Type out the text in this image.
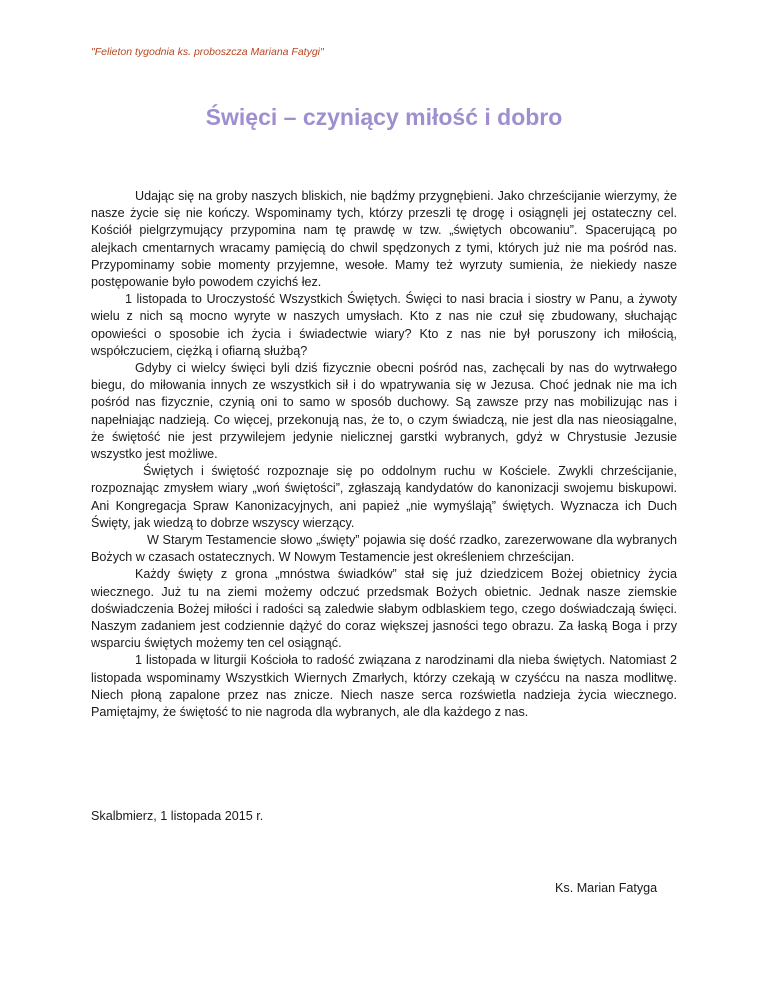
"Felieton tygodnia ks. proboszcza Mariana Fatygi"

Święci – czyniący miłość i dobro

Udając się na groby naszych bliskich, nie bądźmy przygnębieni. Jako chrześcijanie wierzymy, że nasze życie się nie kończy. Wspominamy tych, którzy przeszli tę drogę i osiągnęli jej ostateczny cel. Kościół pielgrzymujący przypomina nam tę prawdę w tzw. „świętych obcowaniu”. Spacerującą po alejkach cmentarnych wracamy pamięcią do chwil spędzonych z tymi, których już nie ma pośród nas. Przypominamy sobie momenty przyjemne, wesołe. Mamy też wyrzuty sumienia, że niekiedy nasze postępowanie było powodem czyichś łez.

1 listopada to Uroczystość Wszystkich Świętych. Święci to nasi bracia i siostry w Panu, a żywoty wielu z nich są mocno wyryte w naszych umysłach. Kto z nas nie czuł się zbudowany, słuchając opowieści o sposobie ich życia i świadectwie wiary? Kto z nas nie był poruszony ich miłością, współczuciem, ciężką i ofiarną służbą?

Gdyby ci wielcy święci byli dziś fizycznie obecni pośród nas, zachęcali by nas do wytrwałego biegu, do miłowania innych ze wszystkich sił i do wpatrywania się w Jezusa. Choć jednak nie ma ich pośród nas fizycznie, czynią oni to samo w sposób duchowy. Są zawsze przy nas mobilizując nas i napełniając nadzieją. Co więcej, przekonują nas, że to, o czym świadczą, nie jest dla nas nieosiągalne, że świętość nie jest przywilejem jedynie nielicznej garstki wybranych, gdyż w Chrystusie Jezusie wszystko jest możliwe.

Świętych i świętość rozpoznaje się po oddolnym ruchu w Kościele. Zwykli chrześcijanie, rozpoznając zmysłem wiary „woń świętości”, zgłaszają kandydatów do kanonizacji swojemu biskupowi. Ani Kongregacja Spraw Kanonizacyjnych, ani papież „nie wymyślają” świętych. Wyznacza ich Duch Święty, jak wiedzą to dobrze wszyscy wierzący.

W Starym Testamencie słowo „święty” pojawia się dość rzadko, zarezerwowane dla wybranych Bożych w czasach ostatecznych. W Nowym Testamencie jest określeniem chrześcijan.

Każdy święty z grona „mnóstwa świadków” stał się już dziedzicem Bożej obietnicy życia wiecznego. Już tu na ziemi możemy odczuć przedsmak Bożych obietnic. Jednak nasze ziemskie doświadczenia Bożej miłości i radości są zaledwie słabym odblaskiem tego, czego doświadczają święci. Naszym zadaniem jest codziennie dążyć do coraz większej jasności tego obrazu. Za łaską Boga i przy wsparciu świętych możemy ten cel osiągnąć.

1 listopada w liturgii Kościoła to radość związana z narodzinami dla nieba świętych. Natomiast 2 listopada wspominamy Wszystkich Wiernych Zmarłych, którzy czekają w czyśćcu na nasza modlitwę. Niech płoną zapalone przez nas znicze. Niech nasze serca rozświetla nadzieja życia wiecznego. Pamiętajmy, że świętość to nie nagroda dla wybranych, ale dla każdego z nas.

Skalbmierz, 1 listopada 2015 r.

Ks. Marian Fatyga
